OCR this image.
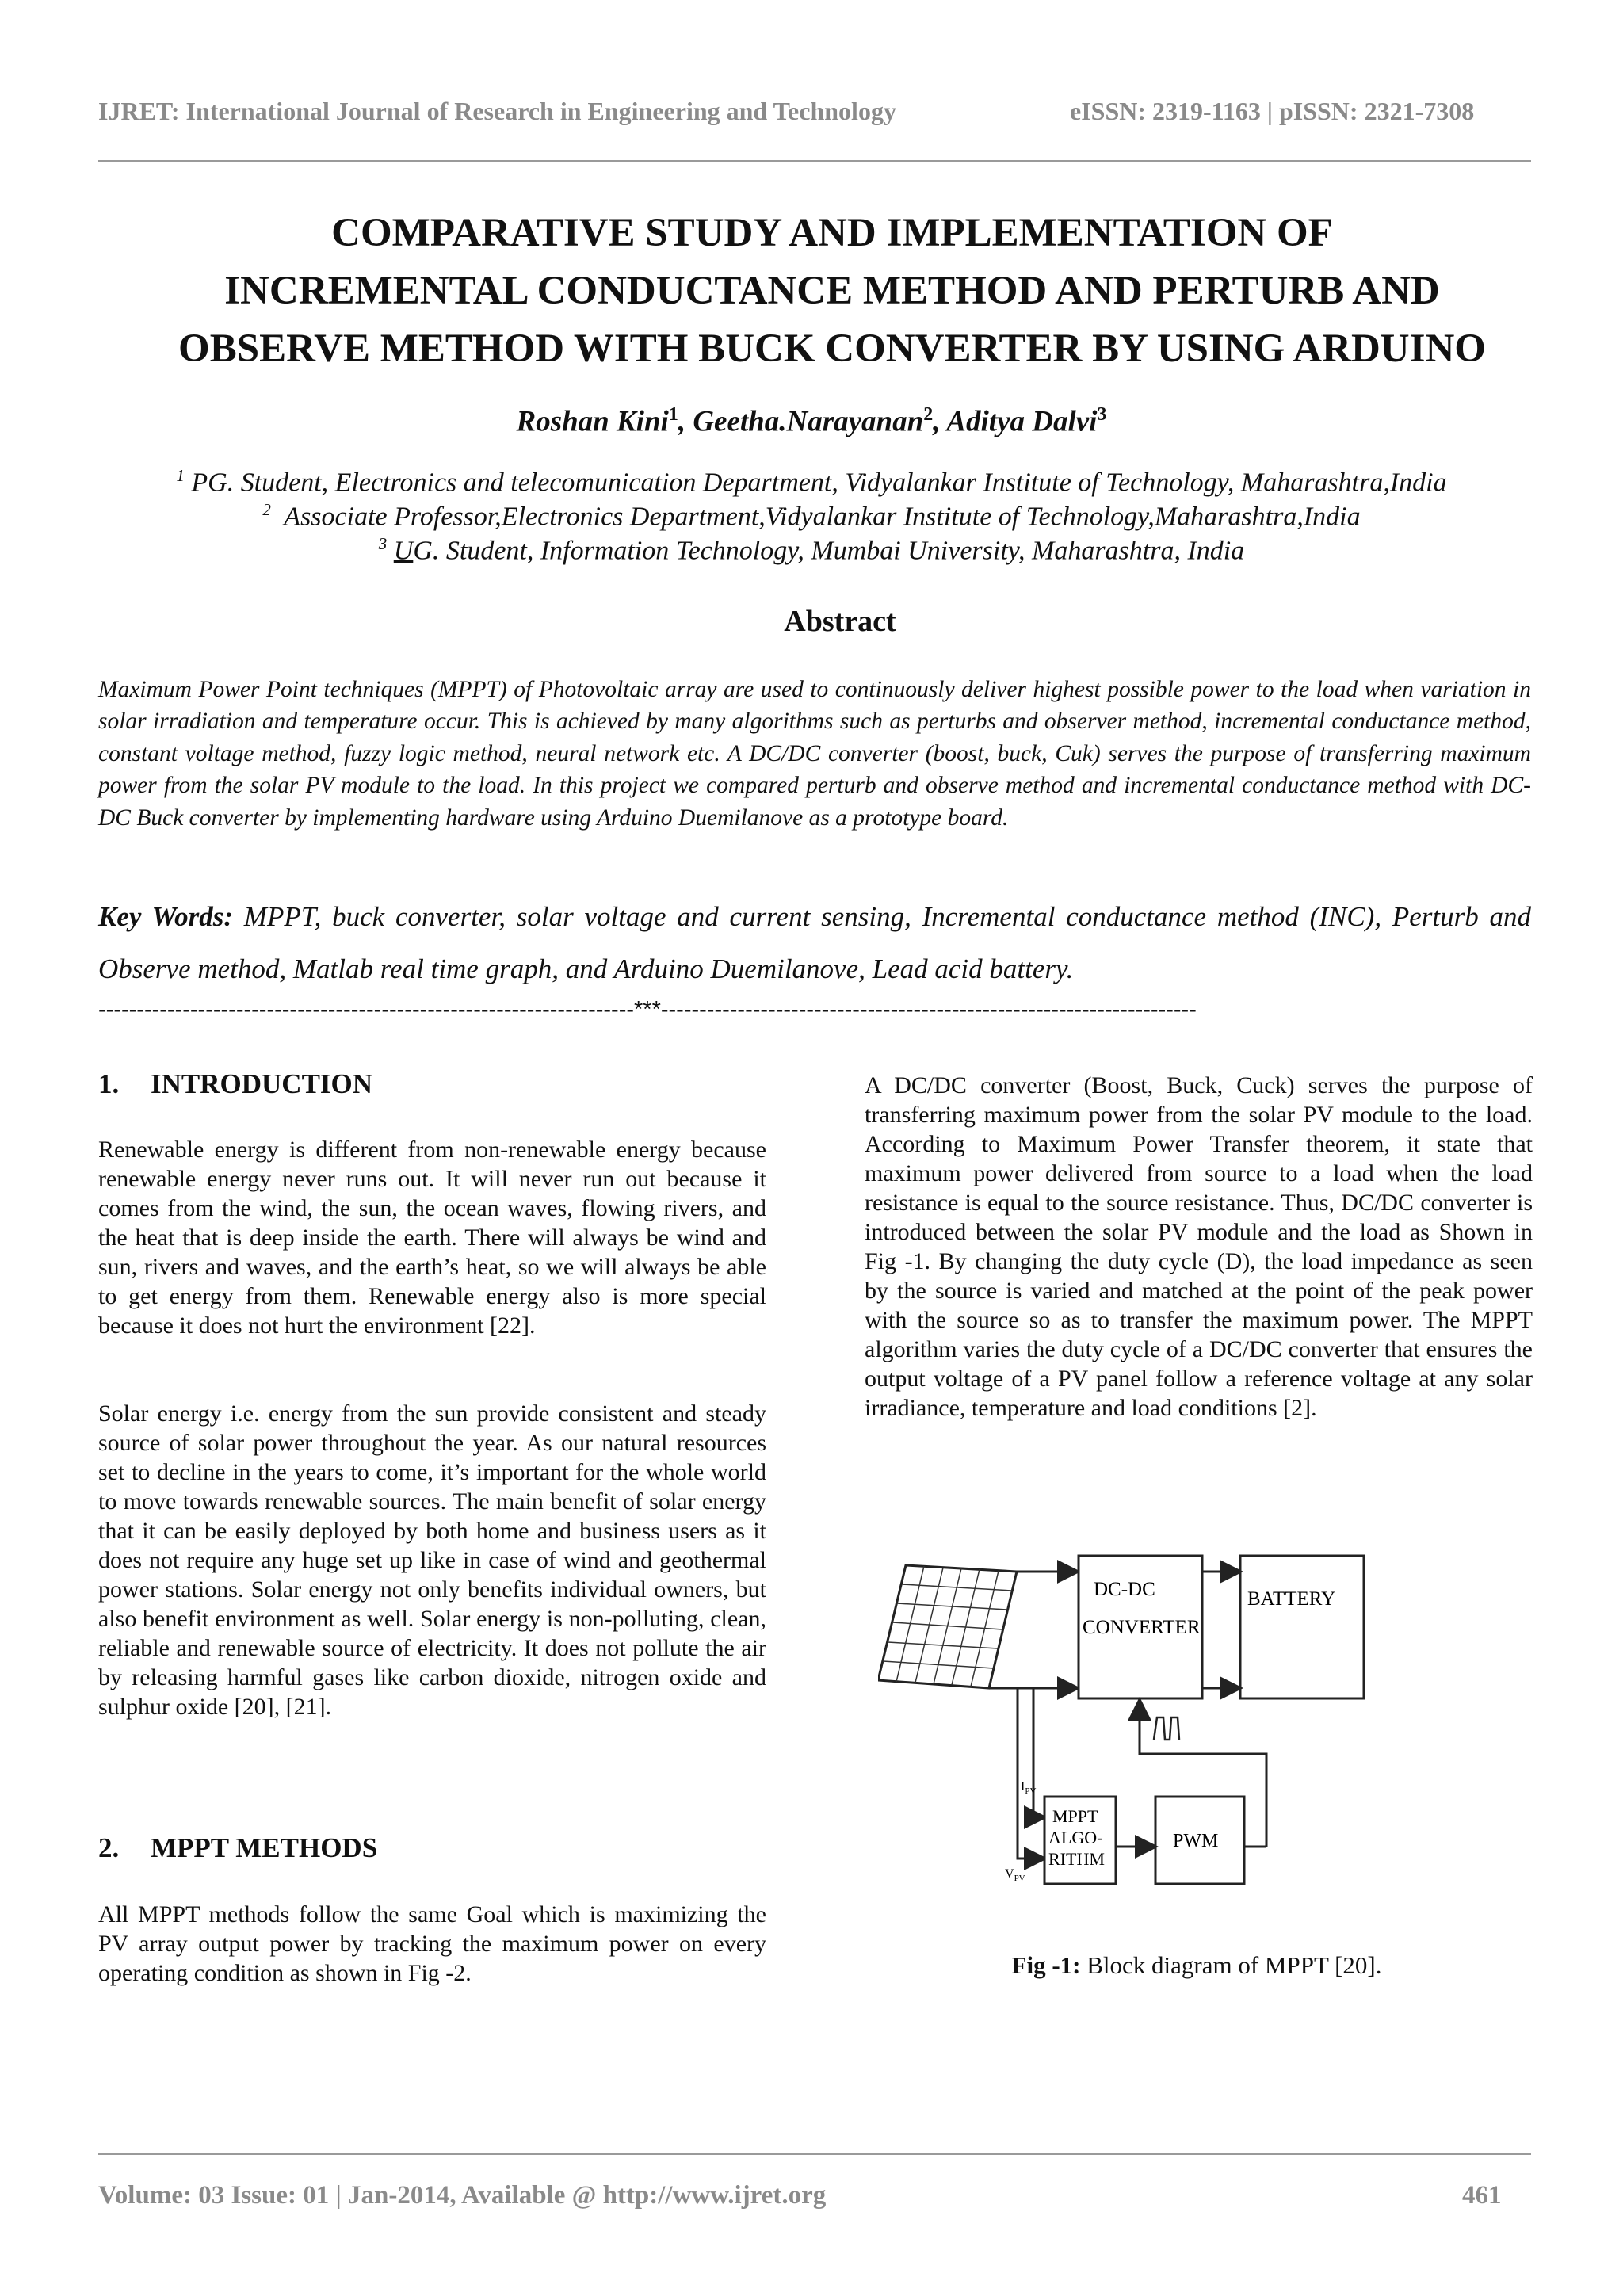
IJRET: International Journal of Research in Engineering and Technology	eISSN: 2319-1163 | pISSN: 2321-7308
COMPARATIVE STUDY AND IMPLEMENTATION OF
INCREMENTAL CONDUCTANCE METHOD AND PERTURB AND
OBSERVE METHOD WITH BUCK CONVERTER BY USING ARDUINO
Roshan Kini$^1$, Geetha.Narayanan$^2$, Aditya Dalvi$^3$
$^1$ PG. Student, Electronics and telecomunication Department, Vidyalankar Institute of Technology, Maharashtra,India
$^2$ Associate Professor,Electronics Department,Vidyalankar Institute of Technology,Maharashtra,India
$^3$ UG. Student, Information Technology, Mumbai University, Maharashtra, India
Abstract
Maximum Power Point techniques (MPPT) of Photovoltaic array are used to continuously deliver highest possible power to the load when variation in solar irradiation and temperature occur. This is achieved by many algorithms such as perturbs and observer method, incremental conductance method, constant voltage method, fuzzy logic method, neural network etc. A DC/DC converter (boost, buck, Cuk) serves the purpose of transferring maximum power from the solar PV module to the load. In this project we compared perturb and observe method and incremental conductance method with DC-DC Buck converter by implementing hardware using Arduino Duemilanove as a prototype board.
Key Words: MPPT, buck converter, solar voltage and current sensing, Incremental conductance method (INC), Perturb and Observe method, Matlab real time graph, and Arduino Duemilanove, Lead acid battery.
----------------------------------------------------------------------***----------------------------------------------------------------------
1. INTRODUCTION

Renewable energy is different from non-renewable energy because renewable energy never runs out. It will never run out because it comes from the wind, the sun, the ocean waves, flowing rivers, and the heat that is deep inside the earth. There will always be wind and sun, rivers and waves, and the earth’s heat, so we will always be able to get energy from them. Renewable energy also is more special because it does not hurt the environment [22].

Solar energy i.e. energy from the sun provide consistent and steady source of solar power throughout the year. As our natural resources set to decline in the years to come, it’s important for the whole world to move towards renewable sources. The main benefit of solar energy that it can be easily deployed by both home and business users as it does not require any huge set up like in case of wind and geothermal power stations. Solar energy not only benefits individual owners, but also benefit environment as well. Solar energy is non-polluting, clean, reliable and renewable source of electricity. It does not pollute the air by releasing harmful gases like carbon dioxide, nitrogen oxide and sulphur oxide [20], [21].

2. MPPT METHODS

All MPPT methods follow the same Goal which is maximizing the PV array output power by tracking the maximum power on every operating condition as shown in Fig -2.

A DC/DC converter (Boost, Buck, Cuck) serves the purpose of transferring maximum power from the solar PV module to the load. According to Maximum Power Transfer theorem, it state that maximum power delivered from source to a load when the load resistance is equal to the source resistance. Thus, DC/DC converter is introduced between the solar PV module and the load as Shown in Fig -1. By changing the duty cycle (D), the load impedance as seen by the source is varied and matched at the point of the peak power with the source so as to transfer the maximum power. The MPPT algorithm varies the duty cycle of a DC/DC converter that ensures the output voltage of a PV panel follow a reference voltage at any solar irradiance, temperature and load conditions [2].

DC-DC
CONVERTER
BATTERY
$I_{PV}$
$V_{PV}$
MPPT
ALGO-
RITHM
PWM
Fig -1: Block diagram of MPPT [20].
Volume: 03 Issue: 01 | Jan-2014, Available @ http://www.ijret.org	461
